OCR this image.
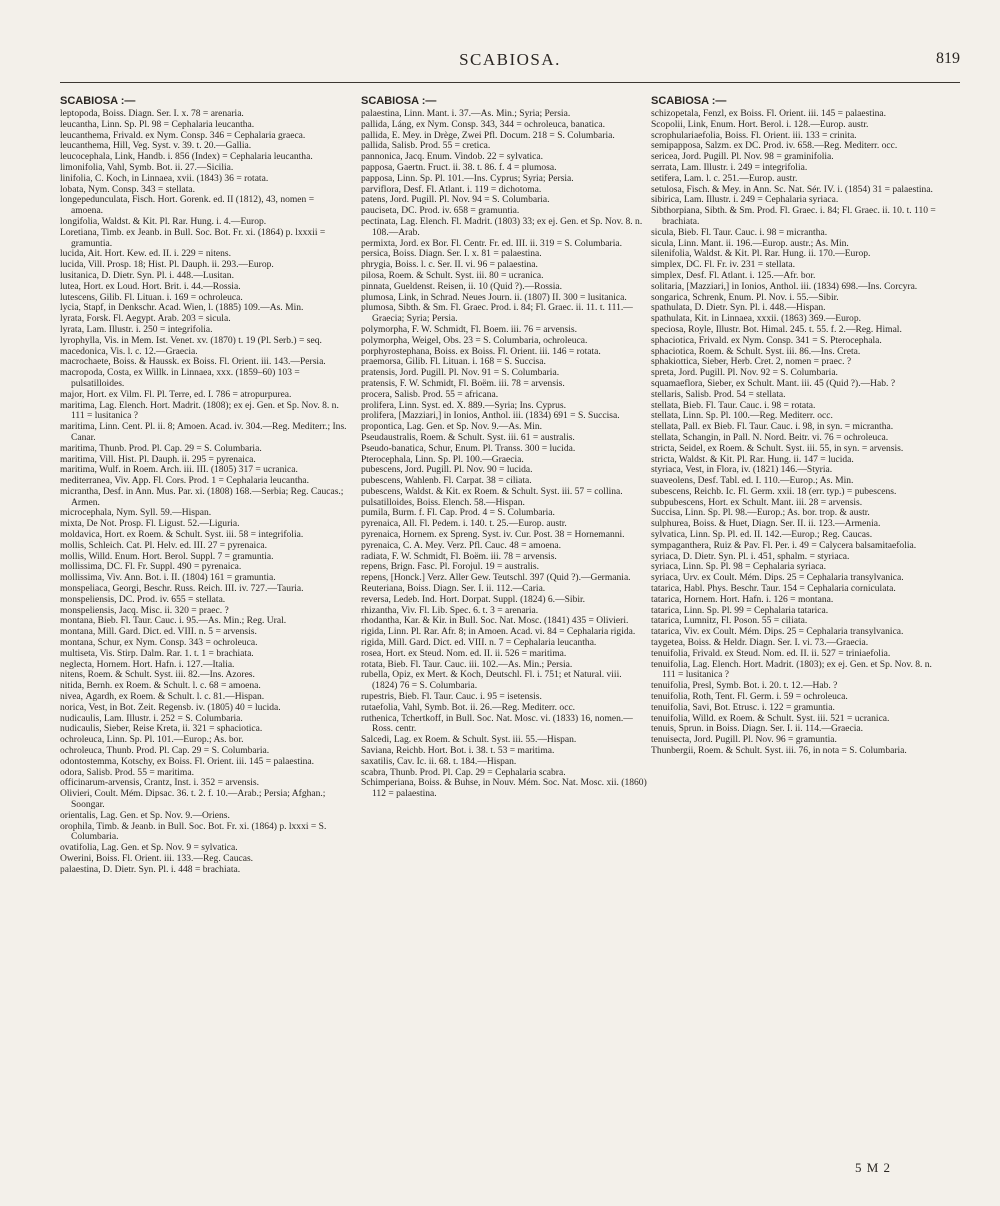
SCABIOSA.	819
SCABIOSA :—

leptopoda, Boiss. Diagn. Ser. I. x. 78 = arenaria.

leucantha, Linn. Sp. Pl. 98 = Cephalaria leucantha.

leucanthema, Frivald. ex Nym. Consp. 346 = Cephalaria graeca.

leucanthema, Hill, Veg. Syst. v. 39. t. 20.—Gallia.

leucocephala, Link, Handb. i. 856 (Index) = Cephalaria leucantha.

limonifolia, Vahl, Symb. Bot. ii. 27.—Sicilia.

linifolia, C. Koch, in Linnaea, xvii. (1843) 36 = rotata.

lobata, Nym. Consp. 343 = stellata.

longepedunculata, Fisch. Hort. Gorenk. ed. II (1812), 43, nomen = amoena.

longifolia, Waldst. & Kit. Pl. Rar. Hung. i. 4.—Europ.

Loretiana, Timb. ex Jeanb. in Bull. Soc. Bot. Fr. xi. (1864) p. lxxxii = gramuntia.

lucida, Ait. Hort. Kew. ed. II. i. 229 = nitens.

lucida, Vill. Prosp. 18; Hist. Pl. Dauph. ii. 293.—Europ.

lusitanica, D. Dietr. Syn. Pl. i. 448.—Lusitan.

lutea, Hort. ex Loud. Hort. Brit. i. 44.—Rossia.

lutescens, Gilib. Fl. Lituan. i. 169 = ochroleuca.

lycia, Stapf, in Denkschr. Acad. Wien, l. (1885) 109.—As. Min.

lyrata, Forsk. Fl. Aegypt. Arab. 203 = sicula.

lyrata, Lam. Illustr. i. 250 = integrifolia.

lyrophylla, Vis. in Mem. Ist. Venet. xv. (1870) t. 19 (Pl. Serb.) = seq.

macedonica, Vis. l. c. 12.—Graecia.

macrochaete, Boiss. & Haussk. ex Boiss. Fl. Orient. iii. 143.—Persia.

macropoda, Costa, ex Willk. in Linnaea, xxx. (1859–60) 103 = pulsatilloides.

major, Hort. ex Vilm. Fl. Pl. Terre, ed. I. 786 = atropurpurea.

maritima, Lag. Elench. Hort. Madrit. (1808); ex ej. Gen. et Sp. Nov. 8. n. 111 = lusitanica ?

maritima, Linn. Cent. Pl. ii. 8; Amoen. Acad. iv. 304.—Reg. Mediterr.; Ins. Canar.

maritima, Thunb. Prod. Pl. Cap. 29 = S. Columbaria.

maritima, Vill. Hist. Pl. Dauph. ii. 295 = pyrenaica.

maritima, Wulf. in Roem. Arch. iii. III. (1805) 317 = ucranica.

mediterranea, Viv. App. Fl. Cors. Prod. 1 = Cephalaria leucantha.

micrantha, Desf. in Ann. Mus. Par. xi. (1808) 168.—Serbia; Reg. Caucas.; Armen.

microcephala, Nym. Syll. 59.—Hispan.

mixta, De Not. Prosp. Fl. Ligust. 52.—Liguria.

moldavica, Hort. ex Roem. & Schult. Syst. iii. 58 = integrifolia.

mollis, Schleich. Cat. Pl. Helv. ed. III. 27 = pyrenaica.

mollis, Willd. Enum. Hort. Berol. Suppl. 7 = gramuntia.

mollissima, DC. Fl. Fr. Suppl. 490 = pyrenaica.

mollissima, Viv. Ann. Bot. i. II. (1804) 161 = gramuntia.

monspeliaca, Georgi, Beschr. Russ. Reich. III. iv. 727.—Tauria.

monspeliensis, DC. Prod. iv. 655 = stellata.

monspeliensis, Jacq. Misc. ii. 320 = praec. ?

montana, Bieb. Fl. Taur. Cauc. i. 95.—As. Min.; Reg. Ural.

montana, Mill. Gard. Dict. ed. VIII. n. 5 = arvensis.

montana, Schur, ex Nym. Consp. 343 = ochroleuca.

multiseta, Vis. Stirp. Dalm. Rar. 1. t. 1 = brachiata.

neglecta, Hornem. Hort. Hafn. i. 127.—Italia.

nitens, Roem. & Schult. Syst. iii. 82.—Ins. Azores.

nitida, Bernh. ex Roem. & Schult. l. c. 68 = amoena.

niveа, Agardh, ex Roem. & Schult. l. c. 81.—Hispan.

norica, Vest, in Bot. Zeit. Regensb. iv. (1805) 40 = lucida.

nudicaulis, Lam. Illustr. i. 252 = S. Columbaria.

nudicaulis, Sieber, Reise Kreta, ii. 321 = sphaciotica.

ochroleuca, Linn. Sp. Pl. 101.—Europ.; As. bor.

ochroleuca, Thunb. Prod. Pl. Cap. 29 = S. Columbaria.

odontostemma, Kotschy, ex Boiss. Fl. Orient. iii. 145 = palaestina.

odora, Salisb. Prod. 55 = maritima.

officinarum-arvensis, Crantz, Inst. i. 352 = arvensis.

Olivieri, Coult. Mém. Dipsac. 36. t. 2. f. 10.—Arab.; Persia; Afghan.; Soongar.

orientalis, Lag. Gen. et Sp. Nov. 9.—Oriens.

orophila, Timb. & Jeanb. in Bull. Soc. Bot. Fr. xi. (1864) p. lxxxi = S. Columbaria.

ovatifolia, Lag. Gen. et Sp. Nov. 9 = sylvatica.

Owerini, Boiss. Fl. Orient. iii. 133.—Reg. Caucas.

palaestina, D. Dietr. Syn. Pl. i. 448 = brachiata.

SCABIOSA :—

palaestina, Linn. Mant. i. 37.—As. Min.; Syria; Persia.

pallida, Láng, ex Nym. Consp. 343, 344 = ochroleuca, banatica.

pallida, E. Mey. in Drège, Zwei Pfl. Docum. 218 = S. Columbaria.

pallida, Salisb. Prod. 55 = cretica.

pannonica, Jacq. Enum. Vindob. 22 = sylvatica.

papposa, Gaertn. Fruct. ii. 38. t. 86. f. 4 = plumosa.

papposa, Linn. Sp. Pl. 101.—Ins. Cyprus; Syria; Persia.

parviflora, Desf. Fl. Atlant. i. 119 = dichotoma.

patens, Jord. Pugill. Pl. Nov. 94 = S. Columbaria.

pauciseta, DC. Prod. iv. 658 = gramuntia.

pectinata, Lag. Elench. Fl. Madrit. (1803) 33; ex ej. Gen. et Sp. Nov. 8. n. 108.—Arab.

permixta, Jord. ex Bor. Fl. Centr. Fr. ed. III. ii. 319 = S. Columbaria.

persica, Boiss. Diagn. Ser. I. x. 81 = palaestina.

phrygia, Boiss. l. c. Ser. II. vi. 96 = palaestina.

pilosa, Roem. & Schult. Syst. iii. 80 = ucranica.

pinnata, Gueldenst. Reisen, ii. 10 (Quid ?).—Rossia.

plumosa, Link, in Schrad. Neues Journ. ii. (1807) II. 300 = lusitanica.

plumosa, Sibth. & Sm. Fl. Graec. Prod. i. 84; Fl. Graec. ii. 11. t. 111.—Graecia; Syria; Persia.

polymorpha, F. W. Schmidt, Fl. Boem. iii. 76 = arvensis.

polymorpha, Weigel, Obs. 23 = S. Columbaria, ochroleuca.

porphyrostephana, Boiss. ex Boiss. Fl. Orient. iii. 146 = rotata.

praemorsa, Gilib. Fl. Lituan. i. 168 = S. Succisa.

pratensis, Jord. Pugill. Pl. Nov. 91 = S. Columbaria.

pratensis, F. W. Schmidt, Fl. Boëm. iii. 78 = arvensis.

procera, Salisb. Prod. 55 = africana.

prolifera, Linn. Syst. ed. X. 889.—Syria; Ins. Cyprus.

prolifera, [Mazziari,] in Ionios, Anthol. iii. (1834) 691 = S. Succisa.

propontica, Lag. Gen. et Sp. Nov. 9.—As. Min.

Pseudaustralis, Roem. & Schult. Syst. iii. 61 = australis.

Pseudo-banatica, Schur, Enum. Pl. Transs. 300 = lucida.

Pterocephala, Linn. Sp. Pl. 100.—Graecia.

pubescens, Jord. Pugill. Pl. Nov. 90 = lucida.

pubescens, Wahlenb. Fl. Carpat. 38 = ciliata.

pubescens, Waldst. & Kit. ex Roem. & Schult. Syst. iii. 57 = collina.

pulsatilloides, Boiss. Elench. 58.—Hispan.

pumila, Burm. f. Fl. Cap. Prod. 4 = S. Columbaria.

pyrenaica, All. Fl. Pedem. i. 140. t. 25.—Europ. austr.

pyrenaica, Hornem. ex Spreng. Syst. iv. Cur. Post. 38 = Hornemanni.

pyrenaica, C. A. Mey. Verz. Pfl. Cauc. 48 = amoena.

radiata, F. W. Schmidt, Fl. Boëm. iii. 78 = arvensis.

repens, Brign. Fasc. Pl. Forojul. 19 = australis.

repens, [Honck.] Verz. Aller Gew. Teutschl. 397 (Quid ?).—Germania.

Reuteriana, Boiss. Diagn. Ser. I. ii. 112.—Caria.

reversa, Ledeb. Ind. Hort. Dorpat. Suppl. (1824) 6.—Sibir.

rhizantha, Viv. Fl. Lib. Spec. 6. t. 3 = arenaria.

rhodantha, Kar. & Kir. in Bull. Soc. Nat. Mosc. (1841) 435 = Olivieri.

rigida, Linn. Pl. Rar. Afr. 8; in Amoen. Acad. vi. 84 = Cephalaria rigida.

rigida, Mill. Gard. Dict. ed. VIII. n. 7 = Cephalaria leucantha.

rosea, Hort. ex Steud. Nom. ed. II. ii. 526 = maritima.

rotata, Bieb. Fl. Taur. Cauc. iii. 102.—As. Min.; Persia.

rubella, Opiz, ex Mert. & Koch, Deutschl. Fl. i. 751; et Natural. viii. (1824) 76 = S. Columbaria.

rupestris, Bieb. Fl. Taur. Cauc. i. 95 = isetensis.

rutaefolia, Vahl, Symb. Bot. ii. 26.—Reg. Mediterr. occ.

ruthenica, Tchertkoff, in Bull. Soc. Nat. Mosc. vi. (1833) 16, nomen.—Ross. centr.

Salcedi, Lag. ex Roem. & Schult. Syst. iii. 55.—Hispan.

Saviana, Reichb. Hort. Bot. i. 38. t. 53 = maritima.

saxatilis, Cav. Ic. ii. 68. t. 184.—Hispan.

scabra, Thunb. Prod. Pl. Cap. 29 = Cephalaria scabra.

Schimperiana, Boiss. & Buhse, in Nouv. Mém. Soc. Nat. Mosc. xii. (1860) 112 = palaestina.

SCABIOSA :—

schizopetala, Fenzl, ex Boiss. Fl. Orient. iii. 145 = palaestina.

Scopolii, Link, Enum. Hort. Berol. i. 128.—Europ. austr.

scrophulariaefolia, Boiss. Fl. Orient. iii. 133 = crinita.

semipapposa, Salzm. ex DC. Prod. iv. 658.—Reg. Mediterr. occ.

sericea, Jord. Pugill. Pl. Nov. 98 = graminifolia.

serrata, Lam. Illustr. i. 249 = integrifolia.

setifera, Lam. l. c. 251.—Europ. austr.

setulosa, Fisch. & Mey. in Ann. Sc. Nat. Sér. IV. i. (1854) 31 = palaestina.

sibirica, Lam. Illustr. i. 249 = Cephalaria syriaca.

Sibthorpiana, Sibth. & Sm. Prod. Fl. Graec. i. 84; Fl. Graec. ii. 10. t. 110 = brachiata.

sicula, Bieb. Fl. Taur. Cauc. i. 98 = micrantha.

sicula, Linn. Mant. ii. 196.—Europ. austr.; As. Min.

silenifolia, Waldst. & Kit. Pl. Rar. Hung. ii. 170.—Europ.

simplex, DC. Fl. Fr. iv. 231 = stellata.

simplex, Desf. Fl. Atlant. i. 125.—Afr. bor.

solitaria, [Mazziari,] in Ionios, Anthol. iii. (1834) 698.—Ins. Corcyra.

songarica, Schrenk, Enum. Pl. Nov. i. 55.—Sibir.

spathulata, D. Dietr. Syn. Pl. i. 448.—Hispan.

spathulata, Kit. in Linnaea, xxxii. (1863) 369.—Europ.

speciosa, Royle, Illustr. Bot. Himal. 245. t. 55. f. 2.—Reg. Himal.

sphaciotica, Frivald. ex Nym. Consp. 341 = S. Pterocephala.

sphaciotica, Roem. & Schult. Syst. iii. 86.—Ins. Creta.

sphakiottica, Sieber, Herb. Cret. 2, nomen = praec. ?

spreta, Jord. Pugill. Pl. Nov. 92 = S. Columbaria.

squamaeflora, Sieber, ex Schult. Mant. iii. 45 (Quid ?).—Hab. ?

stellaris, Salisb. Prod. 54 = stellata.

stellata, Bieb. Fl. Taur. Cauc. i. 98 = rotata.

stellata, Linn. Sp. Pl. 100.—Reg. Mediterr. occ.

stellata, Pall. ex Bieb. Fl. Taur. Cauc. i. 98, in syn. = micrantha.

stellata, Schangin, in Pall. N. Nord. Beitr. vi. 76 = ochroleuca.

stricta, Seidel, ex Roem. & Schult. Syst. iii. 55, in syn. = arvensis.

stricta, Waldst. & Kit. Pl. Rar. Hung. ii. 147 = lucida.

styriaca, Vest, in Flora, iv. (1821) 146.—Styria.

suaveolens, Desf. Tabl. ed. I. 110.—Europ.; As. Min.

subescens, Reichb. Ic. Fl. Germ. xxii. 18 (err. typ.) = pubescens.

subpubescens, Hort. ex Schult. Mant. iii. 28 = arvensis.

Succisa, Linn. Sp. Pl. 98.—Europ.; As. bor. trop. & austr.

sulphurea, Boiss. & Huet, Diagn. Ser. II. ii. 123.—Armenia.

sylvatica, Linn. Sp. Pl. ed. II. 142.—Europ.; Reg. Caucas.

sympaganthera, Ruiz & Pav. Fl. Per. i. 49 = Calycera balsamitaefolia.

syriaca, D. Dietr. Syn. Pl. i. 451, sphalm. = styriaca.

syriaca, Linn. Sp. Pl. 98 = Cephalaria syriaca.

syriaca, Urv. ex Coult. Mém. Dips. 25 = Cephalaria transylvanica.

tatarica, Habl. Phys. Beschr. Taur. 154 = Cephalaria corniculata.

tatarica, Hornem. Hort. Hafn. i. 126 = montana.

tatarica, Linn. Sp. Pl. 99 = Cephalaria tatarica.

tatarica, Lumnitz, Fl. Poson. 55 = ciliata.

tatarica, Viv. ex Coult. Mém. Dips. 25 = Cephalaria transylvanica.

taygetea, Boiss. & Heldr. Diagn. Ser. I. vi. 73.—Graecia.

tenuifolia, Frivald. ex Steud. Nom. ed. II. ii. 527 = triniaefolia.

tenuifolia, Lag. Elench. Hort. Madrit. (1803); ex ej. Gen. et Sp. Nov. 8. n. 111 = lusitanica ?

tenuifolia, Presl, Symb. Bot. i. 20. t. 12.—Hab. ?

tenuifolia, Roth, Tent. Fl. Germ. i. 59 = ochroleuca.

tenuifolia, Savi, Bot. Etrusc. i. 122 = gramuntia.

tenuifolia, Willd. ex Roem. & Schult. Syst. iii. 521 = ucranica.

tenuis, Sprun. in Boiss. Diagn. Ser. I. ii. 114.—Graecia.

tenuisecta, Jord. Pugill. Pl. Nov. 96 = gramuntia.

Thunbergii, Roem. & Schult. Syst. iii. 76, in nota = S. Columbaria.

5 M 2
